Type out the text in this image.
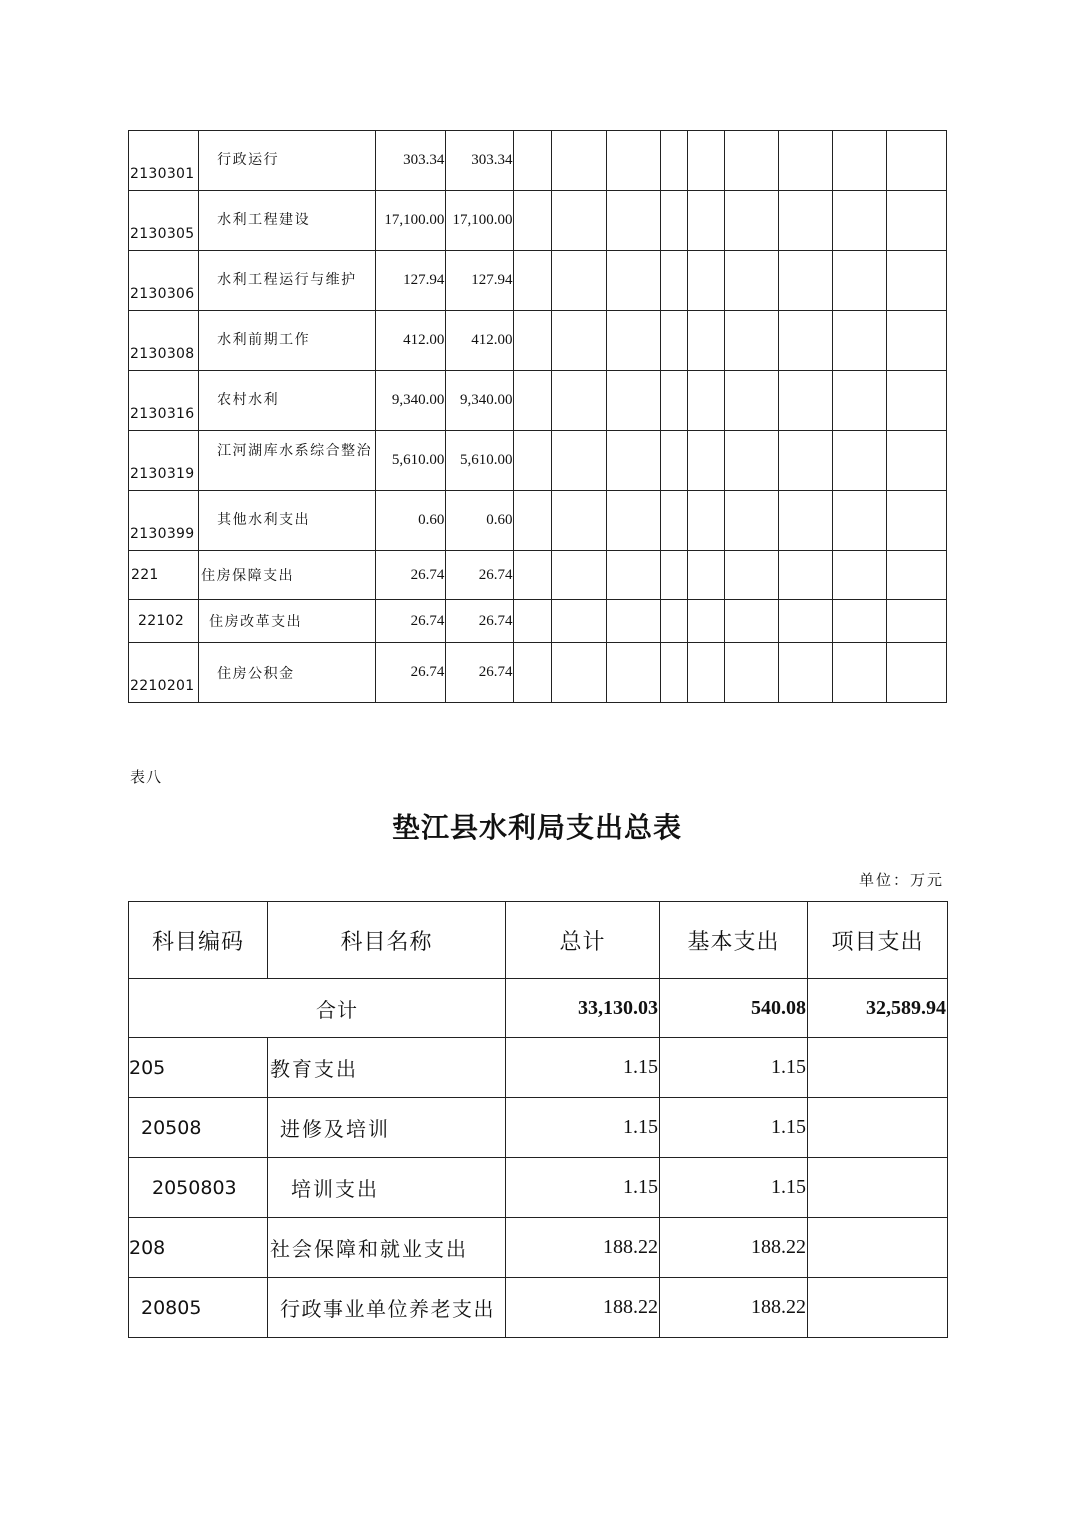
2130301	行政运行	303.34	303.34									
2130305	水利工程建设	17,100.00	17,100.00									
2130306	水利工程运行与维护	127.94	127.94									
2130308	水利前期工作	412.00	412.00									
2130316	农村水利	9,340.00	9,340.00									
2130319	江河湖库水系综合整治	5,610.00	5,610.00									
2130399	其他水利支出	0.60	0.60									
221	住房保障支出	26.74	26.74									
22102	住房改革支出	26.74	26.74									
2210201	住房公积金	26.74	26.74									
表八
垫江县水利局支出总表
单位：万元
科目编码	科目名称	总计	基本支出	项目支出
合计		33,130.03	540.08	32,589.94
205	教育支出	1.15	1.15	
20508	进修及培训	1.15	1.15	
2050803	培训支出	1.15	1.15	
208	社会保障和就业支出	188.22	188.22	
20805	行政事业单位养老支出	188.22	188.22	
